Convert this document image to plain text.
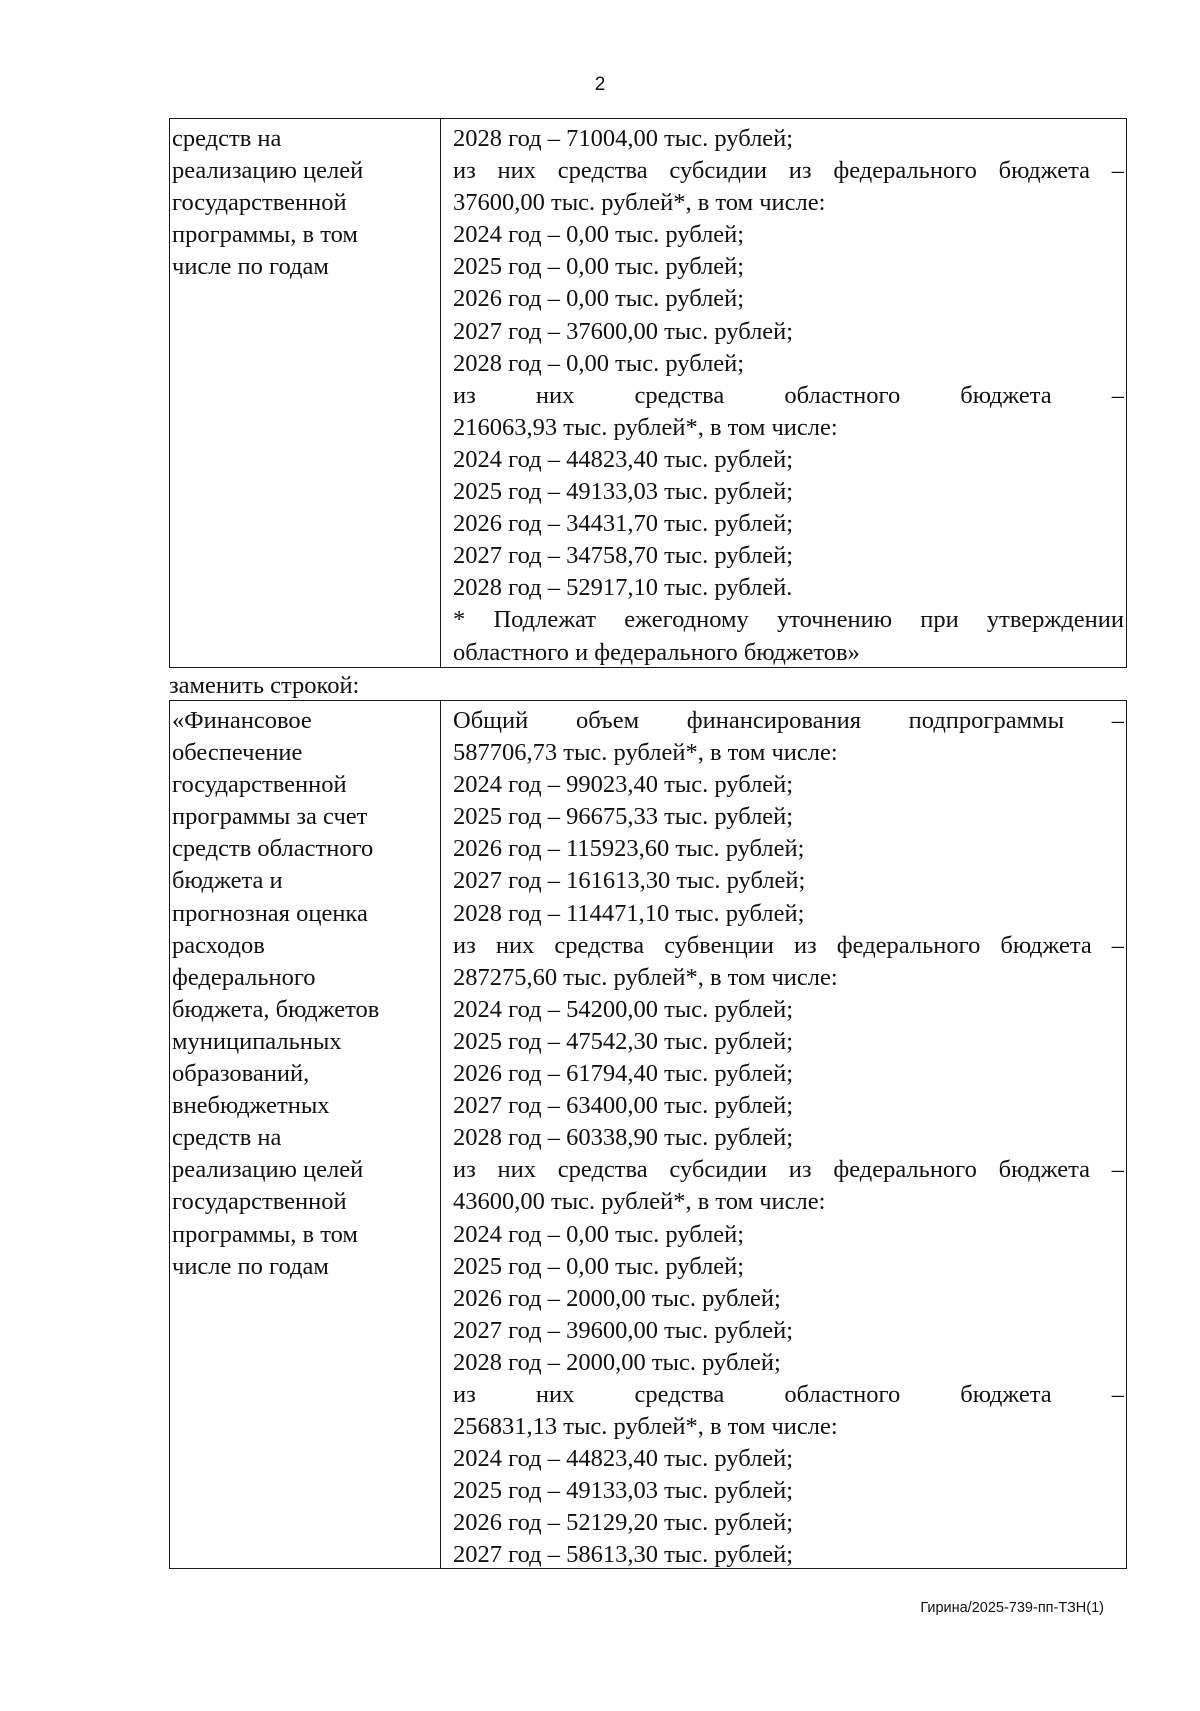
2
средств на
реализацию целей
государственной
программы, в том
числе по годам
2028 год – 71004,00 тыс. рублей;
из них средства субсидии из федерального бюджета –
37600,00 тыс. рублей*, в том числе:
2024 год – 0,00 тыс. рублей;
2025 год – 0,00 тыс. рублей;
2026 год – 0,00 тыс. рублей;
2027 год – 37600,00 тыс. рублей;
2028 год – 0,00 тыс. рублей;
из них средства областного бюджета –
216063,93 тыс. рублей*, в том числе:
2024 год – 44823,40 тыс. рублей;
2025 год – 49133,03 тыс. рублей;
2026 год – 34431,70 тыс. рублей;
2027 год – 34758,70 тыс. рублей;
2028 год – 52917,10 тыс. рублей.
* Подлежат ежегодному уточнению при утверждении
областного и федерального бюджетов»
заменить строкой:
«Финансовое
обеспечение
государственной
программы за счет
средств областного
бюджета и
прогнозная оценка
расходов
федерального
бюджета, бюджетов
муниципальных
образований,
внебюджетных
средств на
реализацию целей
государственной
программы, в том
числе по годам
Общий объем финансирования подпрограммы –
587706,73 тыс. рублей*, в том числе:
2024 год – 99023,40 тыс. рублей;
2025 год – 96675,33 тыс. рублей;
2026 год – 115923,60 тыс. рублей;
2027 год – 161613,30 тыс. рублей;
2028 год – 114471,10 тыс. рублей;
из них средства субвенции из федерального бюджета –
287275,60 тыс. рублей*, в том числе:
2024 год – 54200,00 тыс. рублей;
2025 год – 47542,30 тыс. рублей;
2026 год – 61794,40 тыс. рублей;
2027 год – 63400,00 тыс. рублей;
2028 год – 60338,90 тыс. рублей;
из них средства субсидии из федерального бюджета –
43600,00 тыс. рублей*, в том числе:
2024 год – 0,00 тыс. рублей;
2025 год – 0,00 тыс. рублей;
2026 год – 2000,00 тыс. рублей;
2027 год – 39600,00 тыс. рублей;
2028 год – 2000,00 тыс. рублей;
из них средства областного бюджета –
256831,13 тыс. рублей*, в том числе:
2024 год – 44823,40 тыс. рублей;
2025 год – 49133,03 тыс. рублей;
2026 год – 52129,20 тыс. рублей;
2027 год – 58613,30 тыс. рублей;
Гирина/2025-739-пп-ТЗН(1)
